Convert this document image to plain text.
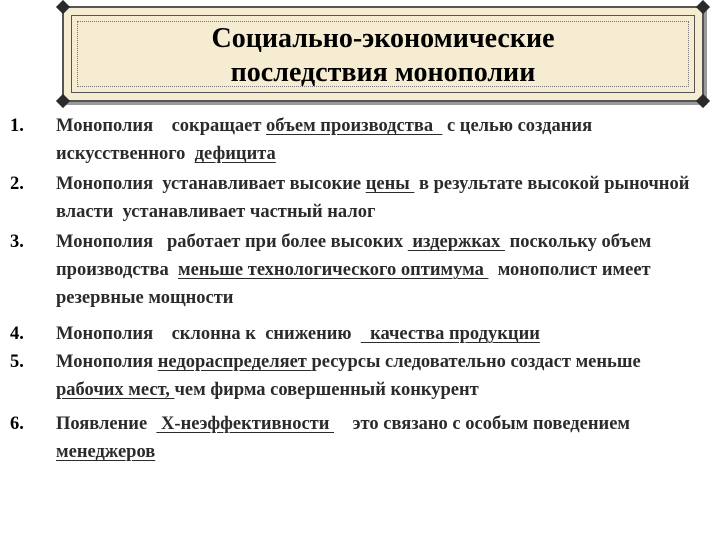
Социально-экономические
последствия монополии
1. Монополия    сокращает объем производства   с целью создания     искусственного  дефицита
2. Монополия  устанавливает высокие цены  в результате высокой рыночной власти  устанавливает частный налог
3. Монополия   работает при более высоких  издержках  поскольку объем производства  меньше технологического оптимума   монополист имеет резервные мощности
4. Монополия    склонна к  снижению    качества продукции
5. Монополия недораспределяет ресурсы следовательно создаст меньше рабочих мест, чем фирма совершенный конкурент
6. Появление   Х-неэффективности     это связано с особым поведением  менеджеров
